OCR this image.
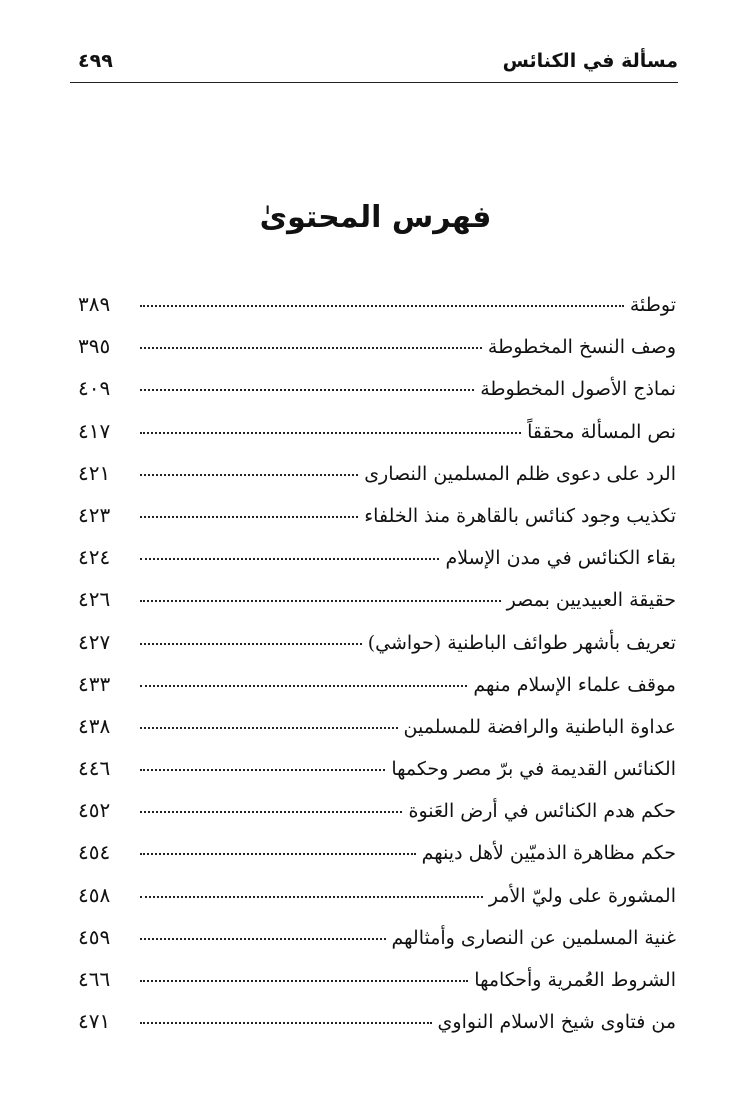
مسألة في الكنائس
٤٩٩
فهرس المحتوىٰ
توطئة
٣٨٩
وصف النسخ المخطوطة
٣٩٥
نماذج الأصول المخطوطة
٤٠٩
نص المسألة محققاً
٤١٧
الرد على دعوى ظلم المسلمين النصارى
٤٢١
تكذيب وجود كنائس بالقاهرة منذ الخلفاء
٤٢٣
بقاء الكنائس في مدن الإسلام
٤٢٤
حقيقة العبيديين بمصر
٤٢٦
تعريف بأشهر طوائف الباطنية (حواشي)
٤٢٧
موقف علماء الإسلام منهم
٤٣٣
عداوة الباطنية والرافضة للمسلمين
٤٣٨
الكنائس القديمة في برّ مصر وحكمها
٤٤٦
حكم هدم الكنائس في أرض العَنوة
٤٥٢
حكم مظاهرة الذميّين لأهل دينهم
٤٥٤
المشورة على وليّ الأمر
٤٥٨
غنية المسلمين عن النصارى وأمثالهم
٤٥٩
الشروط العُمرية وأحكامها
٤٦٦
من فتاوى شيخ الاسلام النواوي
٤٧١
